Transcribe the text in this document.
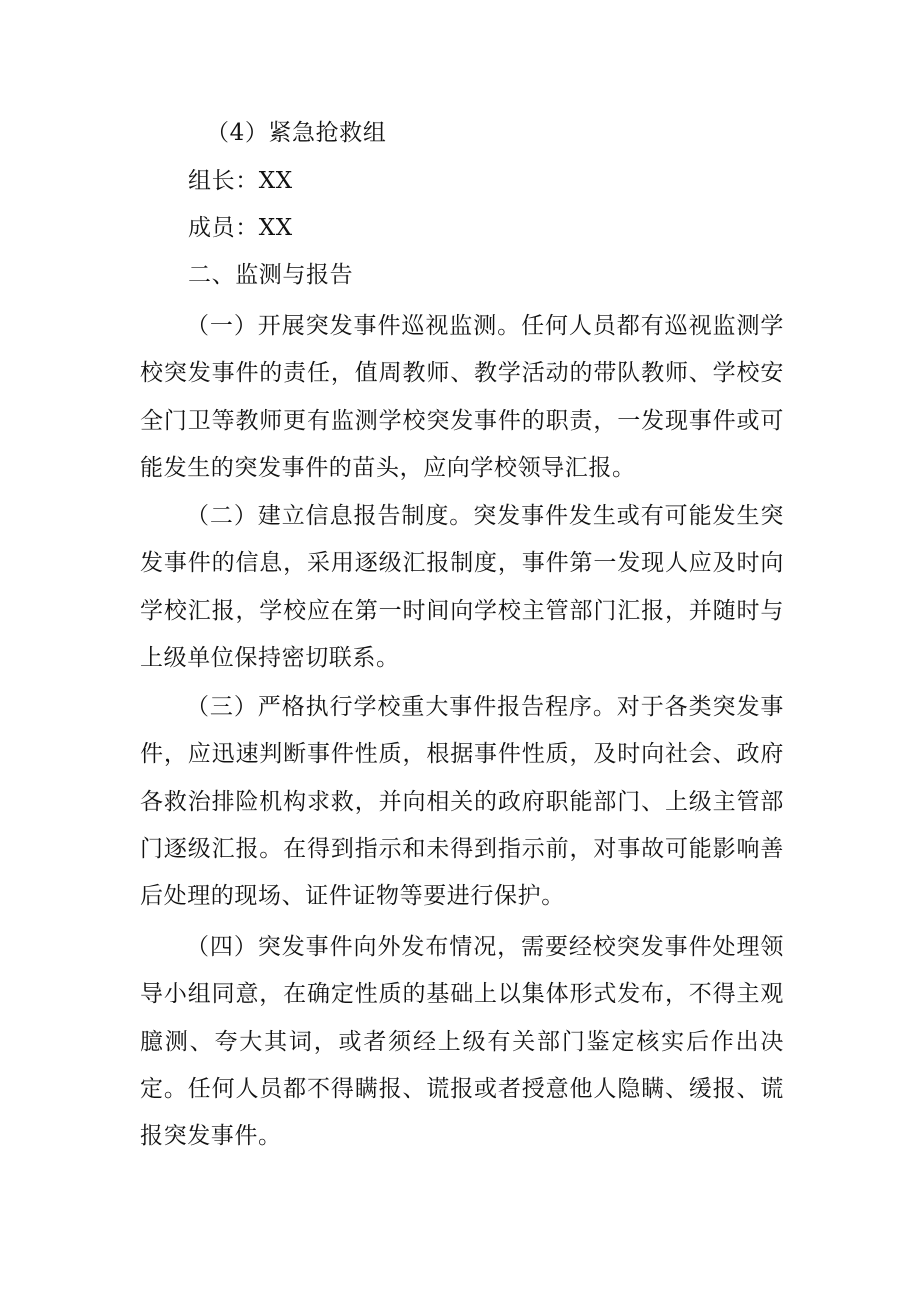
（4）紧急抢救组
组长：XX
成员：XX
二、监测与报告

（一）开展突发事件巡视监测。任何人员都有巡视监测学校突发事件的责任，值周教师、教学活动的带队教师、学校安全门卫等教师更有监测学校突发事件的职责，一发现事件或可能发生的突发事件的苗头，应向学校领导汇报。

（二）建立信息报告制度。突发事件发生或有可能发生突发事件的信息，采用逐级汇报制度，事件第一发现人应及时向学校汇报，学校应在第一时间向学校主管部门汇报，并随时与上级单位保持密切联系。

（三）严格执行学校重大事件报告程序。对于各类突发事件，应迅速判断事件性质，根据事件性质，及时向社会、政府各救治排险机构求救，并向相关的政府职能部门、上级主管部门逐级汇报。在得到指示和未得到指示前，对事故可能影响善后处理的现场、证件证物等要进行保护。

（四）突发事件向外发布情况，需要经校突发事件处理领导小组同意，在确定性质的基础上以集体形式发布，不得主观臆测、夸大其词，或者须经上级有关部门鉴定核实后作出决定。任何人员都不得瞒报、谎报或者授意他人隐瞒、缓报、谎报突发事件。
